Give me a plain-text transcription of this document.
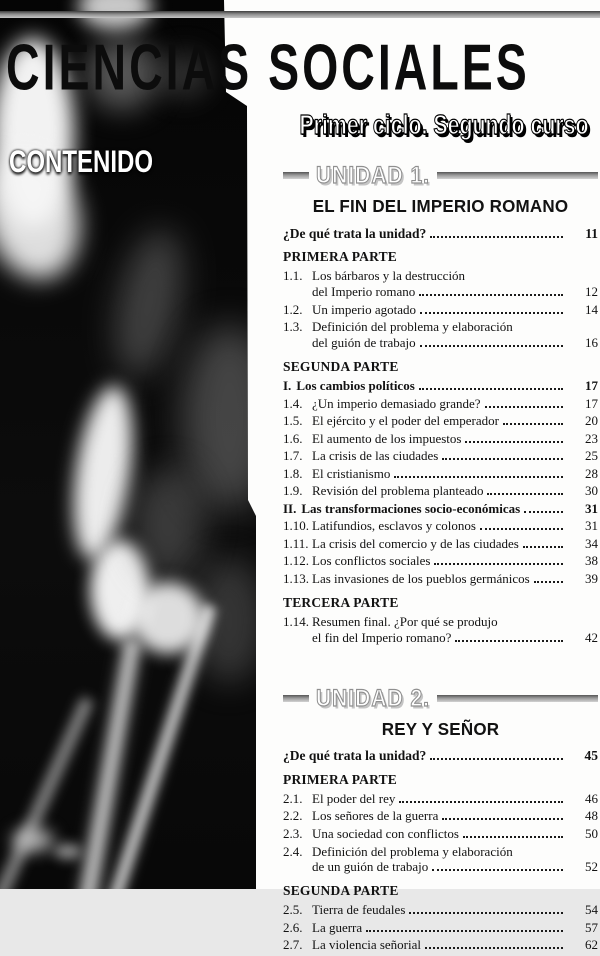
CIENCIAS SOCIALES
Primer ciclo. Segundo curso
CONTENIDO	UNIDAD 1.
EL FIN DEL IMPERIO ROMANO
¿De qué trata la unidad?	11
PRIMERA PARTE
1.1. Los bárbaros y la destrucción
del Imperio romano	12
1.2. Un imperio agotado	14
1.3. Definición del problema y elaboración
del guión de trabajo	16
SEGUNDA PARTE
I. Los cambios políticos	17
1.4. ¿Un imperio demasiado grande?	17
1.5. El ejército y el poder del emperador	20
1.6. El aumento de los impuestos	23
1.7. La crisis de las ciudades	25
1.8. El cristianismo	28
1.9. Revisión del problema planteado	30
II. Las transformaciones socio-económicas	31
1.10. Latifundios, esclavos y colonos	31
1.11. La crisis del comercio y de las ciudades	34
1.12. Los conflictos sociales	38
1.13. Las invasiones de los pueblos germánicos	39
TERCERA PARTE
1.14. Resumen final. ¿Por qué se produjo
el fin del Imperio romano?	42
UNIDAD 2.
REY Y SEÑOR
¿De qué trata la unidad?	45
PRIMERA PARTE
2.1. El poder del rey	46
2.2. Los señores de la guerra	48
2.3. Una sociedad con conflictos	50
2.4. Definición del problema y elaboración
de un guión de trabajo	52
SEGUNDA PARTE
2.5. Tierra de feudales	54
2.6. La guerra	57
2.7. La violencia señorial	62
